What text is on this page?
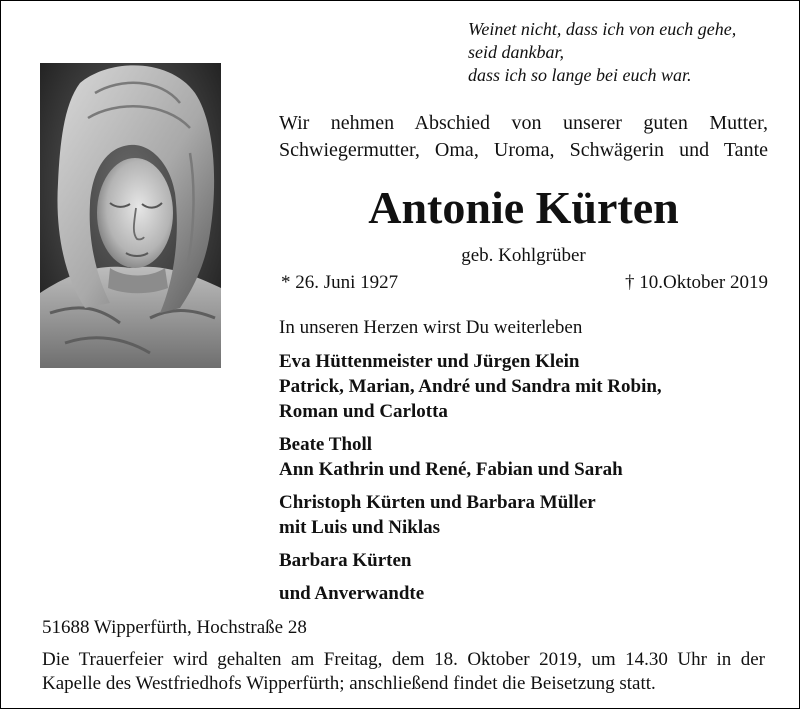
Weinet nicht, dass ich von euch gehe,
seid dankbar,
dass ich so lange bei euch war.
Wir nehmen Abschied von unserer guten Mutter,
Schwiegermutter, Oma, Uroma, Schwägerin und Tante
Antonie Kürten
geb. Kohlgrüber
* 26. Juni 1927	† 10.Oktober 2019
In unseren Herzen wirst Du weiterleben
Eva Hüttenmeister und Jürgen Klein
Patrick, Marian, André und Sandra mit Robin,
Roman und Carlotta
Beate Tholl
Ann Kathrin und René, Fabian und Sarah
Christoph Kürten und Barbara Müller
mit Luis und Niklas
Barbara Kürten
und Anverwandte
51688 Wipperfürth, Hochstraße 28
Die Trauerfeier wird gehalten am Freitag, dem 18. Oktober 2019, um 14.30 Uhr in der
Kapelle des Westfriedhofs Wipperfürth; anschließend findet die Beisetzung statt.
